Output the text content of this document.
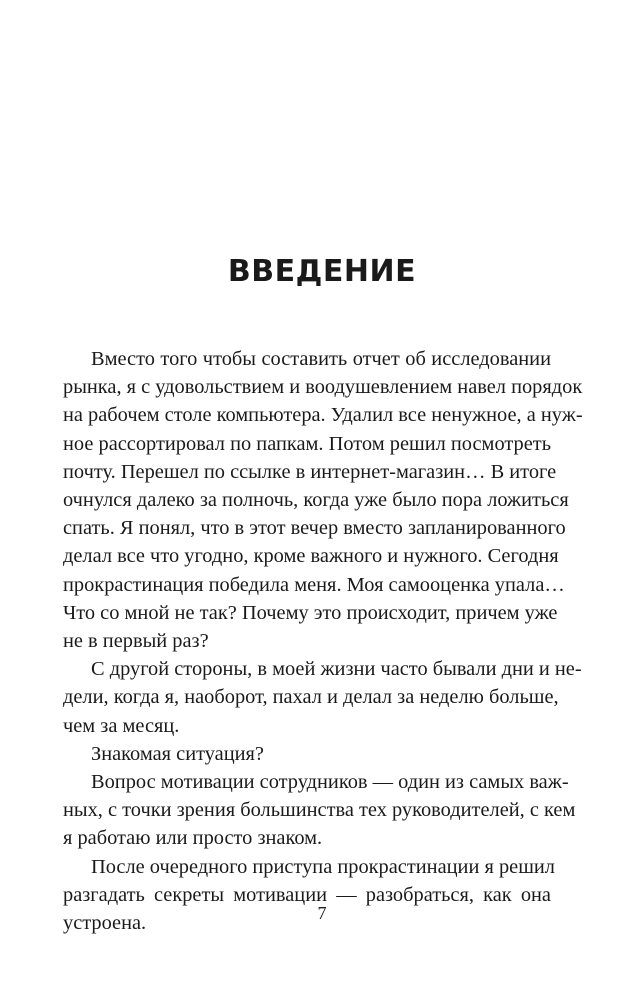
ВВЕДЕНИЕ
Вместо того чтобы составить отчет об исследовании
рынка, я с удовольствием и воодушевлением навел порядок
на рабочем столе компьютера. Удалил все ненужное, а нуж-
ное рассортировал по папкам. Потом решил посмотреть
почту. Перешел по ссылке в интернет-магазин… В итоге
очнулся далеко за полночь, когда уже было пора ложиться
спать. Я понял, что в этот вечер вместо запланированного
делал все что угодно, кроме важного и нужного. Сегодня
прокрастинация победила меня. Моя самооценка упала…
Что со мной не так? Почему это происходит, причем уже
не в первый раз?
С другой стороны, в моей жизни часто бывали дни и не-
дели, когда я, наоборот, пахал и делал за неделю больше,
чем за месяц.
Знакомая ситуация?
Вопрос мотивации сотрудников — один из самых важ-
ных, с точки зрения большинства тех руководителей, с кем
я работаю или просто знаком.
После очередного приступа прокрастинации я решил
разгадать секреты мотивации — разобраться, как она
устроена.	7
